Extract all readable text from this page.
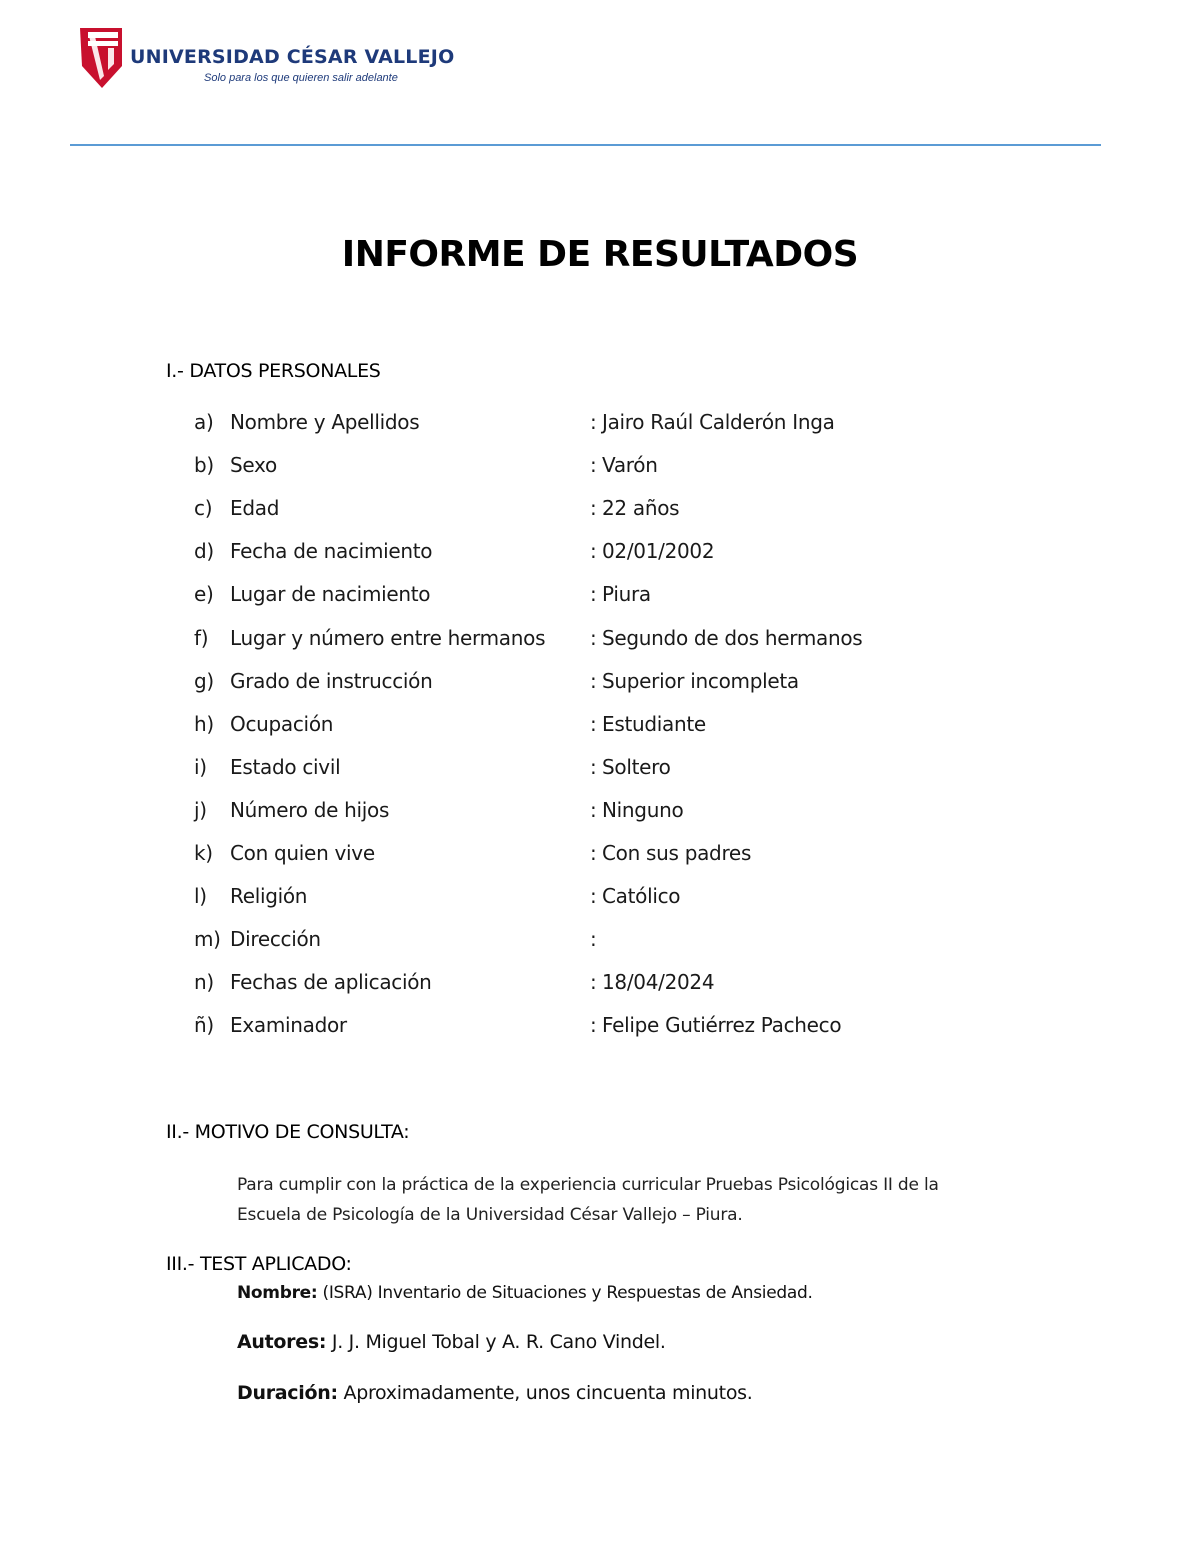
UNIVERSIDAD CÉSAR VALLEJO
Solo para los que quieren salir adelante
INFORME DE RESULTADOS
I.- DATOS PERSONALES
a) Nombre y Apellidos	: Jairo Raúl Calderón Inga
b) Sexo	: Varón
c) Edad	: 22 años
d) Fecha de nacimiento	: 02/01/2002
e) Lugar de nacimiento	: Piura
f) Lugar y número entre hermanos : Segundo de dos hermanos
g) Grado de instrucción	: Superior incompleta
h) Ocupación	: Estudiante
i) Estado civil	: Soltero
j) Número de hijos	: Ninguno
k) Con quien vive	: Con sus padres
l) Religión	: Católico
m) Dirección	:
n) Fechas de aplicación	: 18/04/2024
ñ) Examinador	: Felipe Gutiérrez Pacheco
II.- MOTIVO DE CONSULTA:
Para cumplir con la práctica de la experiencia curricular Pruebas Psicológicas II de la Escuela de Psicología de la Universidad César Vallejo – Piura.
III.- TEST APLICADO:
Nombre: (ISRA) Inventario de Situaciones y Respuestas de Ansiedad.
Autores: J. J. Miguel Tobal y A. R. Cano Vindel.
Duración: Aproximadamente, unos cincuenta minutos.
